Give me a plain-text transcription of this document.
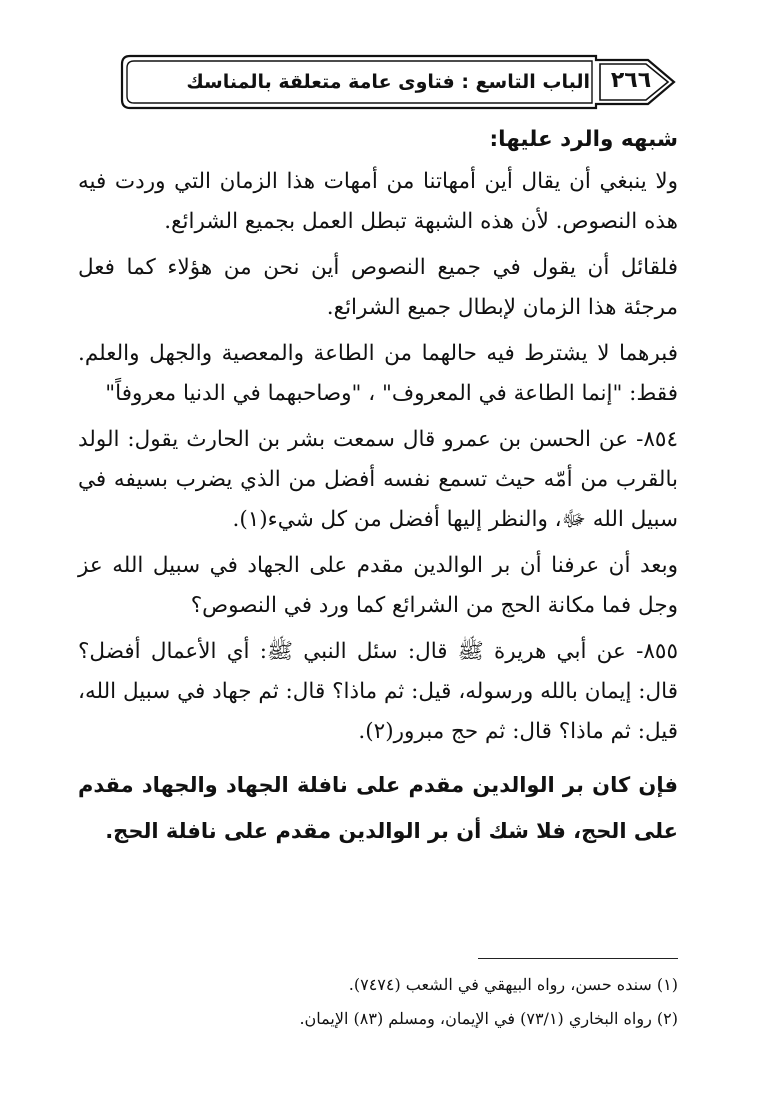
الباب التاسع : فتاوى عامة متعلقة بالمناسك ٢٦٦

شبهه والرد عليها:

ولا ينبغي أن يقال أين أمهاتنا من أمهات هذا الزمان التي وردت فيه هذه النصوص. لأن هذه الشبهة تبطل العمل بجميع الشرائع.

فلقائل أن يقول في جميع النصوص أين نحن من هؤلاء كما فعل مرجئة هذا الزمان لإبطال جميع الشرائع.

فبرهما لا يشترط فيه حالهما من الطاعة والمعصية والجهل والعلم. فقط: "إنما الطاعة في المعروف" ، "وصاحبهما في الدنيا معروفاً"

٨٥٤- عن الحسن بن عمرو قال سمعت بشر بن الحارث يقول: الولد بالقرب من أمّه حيث تسمع نفسه أفضل من الذي يضرب بسيفه في سبيل الله ﷻ، والنظر إليها أفضل من كل شيء(١).

وبعد أن عرفنا أن بر الوالدين مقدم على الجهاد في سبيل الله عز وجل فما مكانة الحج من الشرائع كما ورد في النصوص؟

٨٥٥- عن أبي هريرة ﷺ قال: سئل النبي ﷺ: أي الأعمال أفضل؟ قال: إيمان بالله ورسوله، قيل: ثم ماذا؟ قال: ثم جهاد في سبيل الله، قيل: ثم ماذا؟ قال: ثم حج مبرور(٢).

فإن كان بر الوالدين مقدم على نافلة الجهاد والجهاد مقدم على الحج، فلا شك أن بر الوالدين مقدم على نافلة الحج.

(١) سنده حسن، رواه البيهقي في الشعب (٧٤٧٤).

(٢) رواه البخاري (٧٣/١) في الإيمان، ومسلم (٨٣) الإيمان.
